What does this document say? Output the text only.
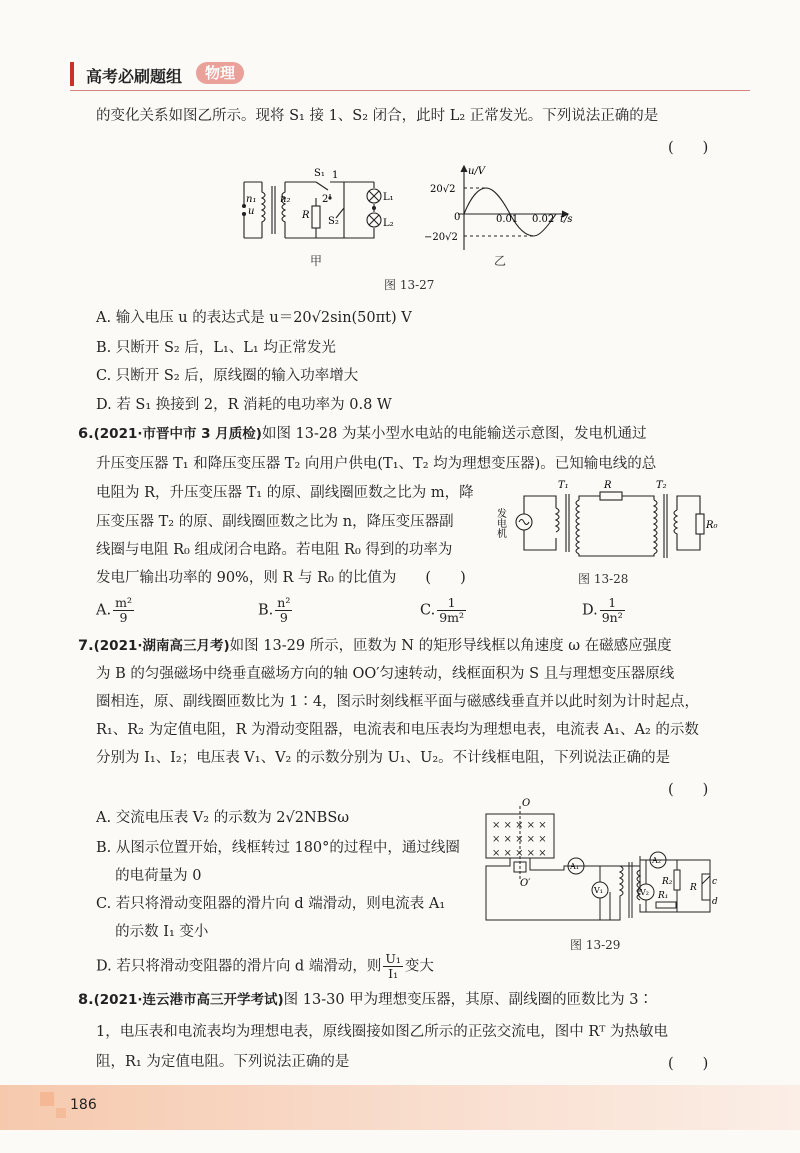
高考必刷题组	物理
的变化关系如图乙所示。现将 S₁ 接 1、S₂ 闭合，此时 L₂ 正常发光。下列说法正确的是
(　　)
S₁ 1
2
n₁ n₂
u	R
S₂
L₁
L₂
甲
u/V
20√2
0	0.01 0.02 t/s
−20√2
乙
图 13-27
A. 输入电压 u 的表达式是 u＝20√2sin(50πt) V
B. 只断开 S₂ 后，L₁、L₁ 均正常发光
C. 只断开 S₂ 后，原线圈的输入功率增大
D. 若 S₁ 换接到 2，R 消耗的电功率为 0.8 W
6.(2021·市晋中市 3 月质检)如图 13-28 为某小型水电站的电能输送示意图，发电机通过
升压变压器 T₁ 和降压变压器 T₂ 向用户供电(T₁、T₂ 均为理想变压器)。已知输电线的总
电阻为 R，升压变压器 T₁ 的原、副线圈匝数之比为 m，降
压变压器 T₂ 的原、副线圈匝数之比为 n，降压变压器副
线圈与电阻 R₀ 组成闭合电路。若电阻 R₀ 得到的功率为
发电厂输出功率的 90%，则 R 与 R₀ 的比值为　　(　　)
T₁	R	T₂
R₀
发电机
图 13-28
A. $\frac{\text{m²}}{9}$	B. $\frac{\text{n²}}{9}$	C. $\frac{1}{\text{9m²}}$	D. $\frac{1}{\text{9n²}}$
7.(2021·湖南高三月考)如图 13-29 所示，匝数为 N 的矩形导线框以角速度 ω 在磁感应强度
为 B 的匀强磁场中绕垂直磁场方向的轴 OO′匀速转动，线框面积为 S 且与理想变压器原线
圈相连，原、副线圈匝数比为 1∶4，图示时刻线框平面与磁感线垂直并以此时刻为计时起点，
R₁、R₂ 为定值电阻，R 为滑动变阻器，电流表和电压表均为理想电表，电流表 A₁、A₂ 的示数
分别为 I₁、I₂；电压表 V₁、V₂ 的示数分别为 U₁、U₂。不计线框电阻，下列说法正确的是
(　　)
A. 交流电压表 V₂ 的示数为 2√2NBSω
B. 从图示位置开始，线框转过 180°的过程中，通过线圈
　 的电荷量为 0
C. 若只将滑动变阻器的滑片向 d 端滑动，则电流表 A₁
　 的示数 I₁ 变小
D. 若只将滑动变阻器的滑片向 d 端滑动，则 $\frac{\text{U₁}}{\text{I₁}}$ 变大
× × × × ×
× × × × ×
× × × × ×
O
O′
A₁
V₁
A₂
V₂ R₁
R₂
R
c
d
图 13-29
8.(2021·连云港市高三开学考试)图 13-30 甲为理想变压器，其原、副线圈的匝数比为 3∶
1，电压表和电流表均为理想电表，原线圈接如图乙所示的正弦交流电，图中 Rᵀ 为热敏电
阻，R₁ 为定值电阻。下列说法正确的是	(　　)
186
